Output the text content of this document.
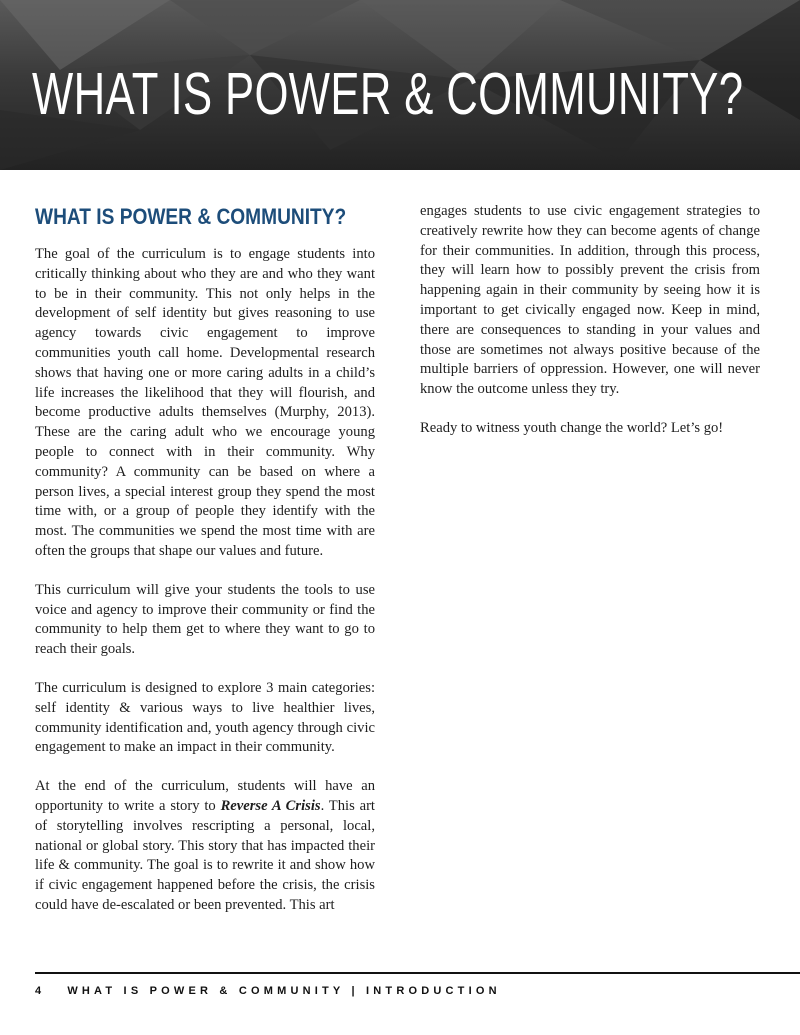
WHAT IS POWER & COMMUNITY?
WHAT IS POWER & COMMUNITY?

The goal of the curriculum is to engage students into critically thinking about who they are and who they want to be in their community. This not only helps in the development of self identity but gives reasoning to use agency towards civic engagement to improve communities youth call home. Developmental research shows that having one or more caring adults in a child’s life increases the likelihood that they will flourish, and become productive adults themselves (Murphy, 2013). These are the caring adult who we encourage young people to connect with in their community. Why community? A community can be based on where a person lives, a special interest group they spend the most time with, or a group of people they identify with the most. The communities we spend the most time with are often the groups that shape our values and future.

This curriculum will give your students the tools to use voice and agency to improve their community or find the community to help them get to where they want to go to reach their goals.

The curriculum is designed to explore 3 main categories: self identity & various ways to live healthier lives, community identification and, youth agency through civic engagement to make an impact in their community.

At the end of the curriculum, students will have an opportunity to write a story to Reverse A Crisis. This art of storytelling involves rescripting a personal, local, national or global story. This story that has impacted their life & community. The goal is to rewrite it and show how if civic engagement happened before the crisis, the crisis could have de-escalated or been prevented. This art

engages students to use civic engagement strategies to creatively rewrite how they can become agents of change for their communities. In addition, through this process, they will learn how to possibly prevent the crisis from happening again in their community by seeing how it is important to get civically engaged now. Keep in mind, there are consequences to standing in your values and those are sometimes not always positive because of the multiple barriers of oppression. However, one will never know the outcome unless they try.

Ready to witness youth change the world? Let’s go!

4 WHAT IS POWER & COMMUNITY | INTRODUCTION
